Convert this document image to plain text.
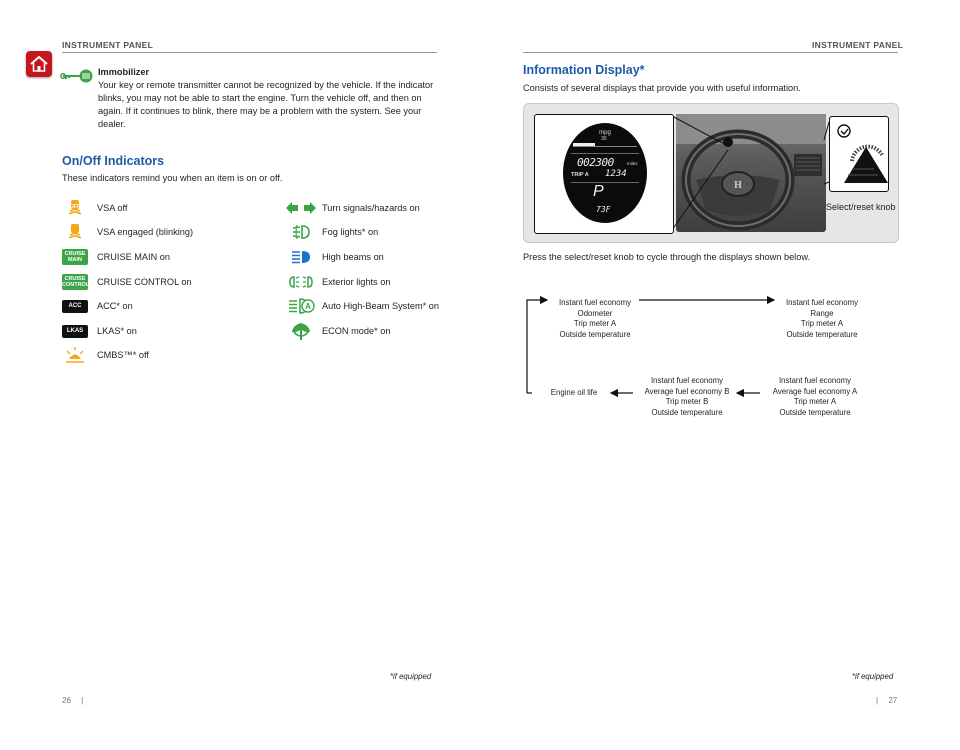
INSTRUMENT PANEL
Immobilizer
Your key or remote transmitter cannot be recognized by the vehicle. If the indicator blinks, you may not be able to start the engine. Turn the vehicle off, and then on again. If it continues to blink, there may be a problem with the system. See your dealer.
On/Off Indicators
These indicators remind you when an item is on or off.
OFF VSA off
VSA engaged (blinking)
CRUISE MAIN	CRUISE MAIN on
CRUISE CONTROL CRUISE CONTROL on
ACC	ACC* on
LKAS	LKAS* on
CMBS™* off
Turn signals/hazards on
Fog lights* on
High beams on
Exterior lights on
A Auto High-Beam System* on
ECON mode* on
*if equipped
26 |
INSTRUMENT PANEL
Information Display*
Consists of several displays that provide you with useful information.
H
mpg
30
002300	miles
TRIP A 1234
P
73F	Select/reset knob
Press the select/reset knob to cycle through the displays shown below.
Instant fuel economy
Odometer
Trip meter A
Outside temperature
Instant fuel economy
Range
Trip meter A
Outside temperature
Instant fuel economy
Average fuel economy A
Trip meter A
Outside temperature
Instant fuel economy
Average fuel economy B
Trip meter B
Outside temperature
Engine oil life
*if equipped
| 27
